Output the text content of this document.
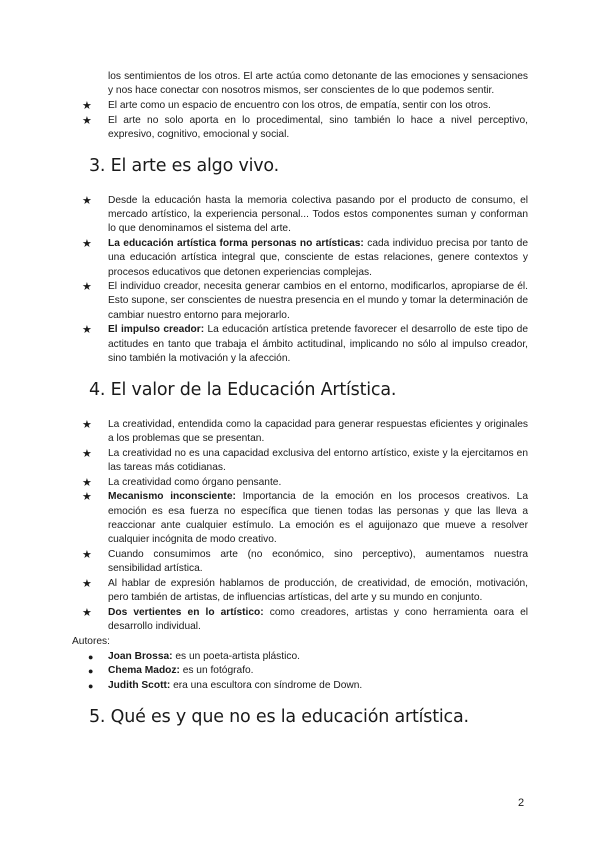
los sentimientos de los otros. El arte actúa como detonante de las emociones y sensaciones y nos hace conectar con nosotros mismos, ser conscientes de lo que podemos sentir.
★ El arte como un espacio de encuentro con los otros, de empatía, sentir con los otros.
★ El arte no solo aporta en lo procedimental, sino también lo hace a nivel perceptivo, expresivo, cognitivo, emocional y social.
3. El arte es algo vivo.
★ Desde la educación hasta la memoria colectiva pasando por el producto de consumo, el mercado artístico, la experiencia personal... Todos estos componentes suman y conforman lo que denominamos el sistema del arte.
★ La educación artística forma personas no artísticas: cada individuo precisa por tanto de una educación artística integral que, consciente de estas relaciones, genere contextos y procesos educativos que detonen experiencias complejas.
★ El individuo creador, necesita generar cambios en el entorno, modificarlos, apropiarse de él. Esto supone, ser conscientes de nuestra presencia en el mundo y tomar la determinación de cambiar nuestro entorno para mejorarlo.
★ El impulso creador: La educación artística pretende favorecer el desarrollo de este tipo de actitudes en tanto que trabaja el ámbito actitudinal, implicando no sólo al impulso creador, sino también la motivación y la afección.
4. El valor de la Educación Artística.
★ La creatividad, entendida como la capacidad para generar respuestas eficientes y originales a los problemas que se presentan.
★ La creatividad no es una capacidad exclusiva del entorno artístico, existe y la ejercitamos en las tareas más cotidianas.
★ La creatividad como órgano pensante.
★ Mecanismo inconsciente: Importancia de la emoción en los procesos creativos. La emoción es esa fuerza no específica que tienen todas las personas y que las lleva a reaccionar ante cualquier estímulo. La emoción es el aguijonazo que mueve a resolver cualquier incógnita de modo creativo.
★ Cuando consumimos arte (no económico, sino perceptivo), aumentamos nuestra sensibilidad artística.
★ Al hablar de expresión hablamos de producción, de creatividad, de emoción, motivación, pero también de artistas, de influencias artísticas, del arte y su mundo en conjunto.
★ Dos vertientes en lo artístico: como creadores, artistas y cono herramienta oara el desarrollo individual.

Autores:

● Joan Brossa: es un poeta-artista plástico.
● Chema Madoz: es un fotógrafo.
● Judith Scott: era una escultora con síndrome de Down.
5. Qué es y que no es la educación artística.
2
